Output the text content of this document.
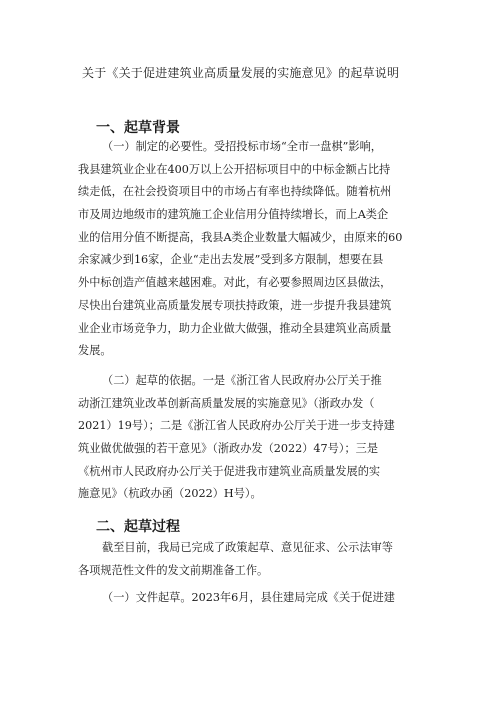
关于《关于促进建筑业高质量发展的实施意见》的起草说明
一、起草背景
（一）制定的必要性。受招投标市场“全市一盘棋”影响，
我县建筑业企业在400万以上公开招标项目中的中标金额占比持
续走低，在社会投资项目中的市场占有率也持续降低。随着杭州
市及周边地级市的建筑施工企业信用分值持续增长，而上A类企
业的信用分值不断提高，我县A类企业数量大幅减少，由原来的60
余家减少到16家，企业“走出去发展”受到多方限制，想要在县
外中标创造产值越来越困难。对此，有必要参照周边区县做法，
尽快出台建筑业高质量发展专项扶持政策，进一步提升我县建筑
业企业市场竞争力，助力企业做大做强，推动全县建筑业高质量
发展。
（二）起草的依据。一是《浙江省人民政府办公厅关于推
动浙江建筑业改革创新高质量发展的实施意见》（浙政办发（
2021）19号）；二是《浙江省人民政府办公厅关于进一步支持建
筑业做优做强的若干意见》（浙政办发（2022）47号）；三是
《杭州市人民政府办公厅关于促进我市建筑业高质量发展的实
施意见》（杭政办函（2022）H号）。
二、起草过程
截至目前，我局已完成了政策起草、意见征求、公示法审等
各项规范性文件的发文前期准备工作。
（一）文件起草。2023年6月，县住建局完成《关于促进建
